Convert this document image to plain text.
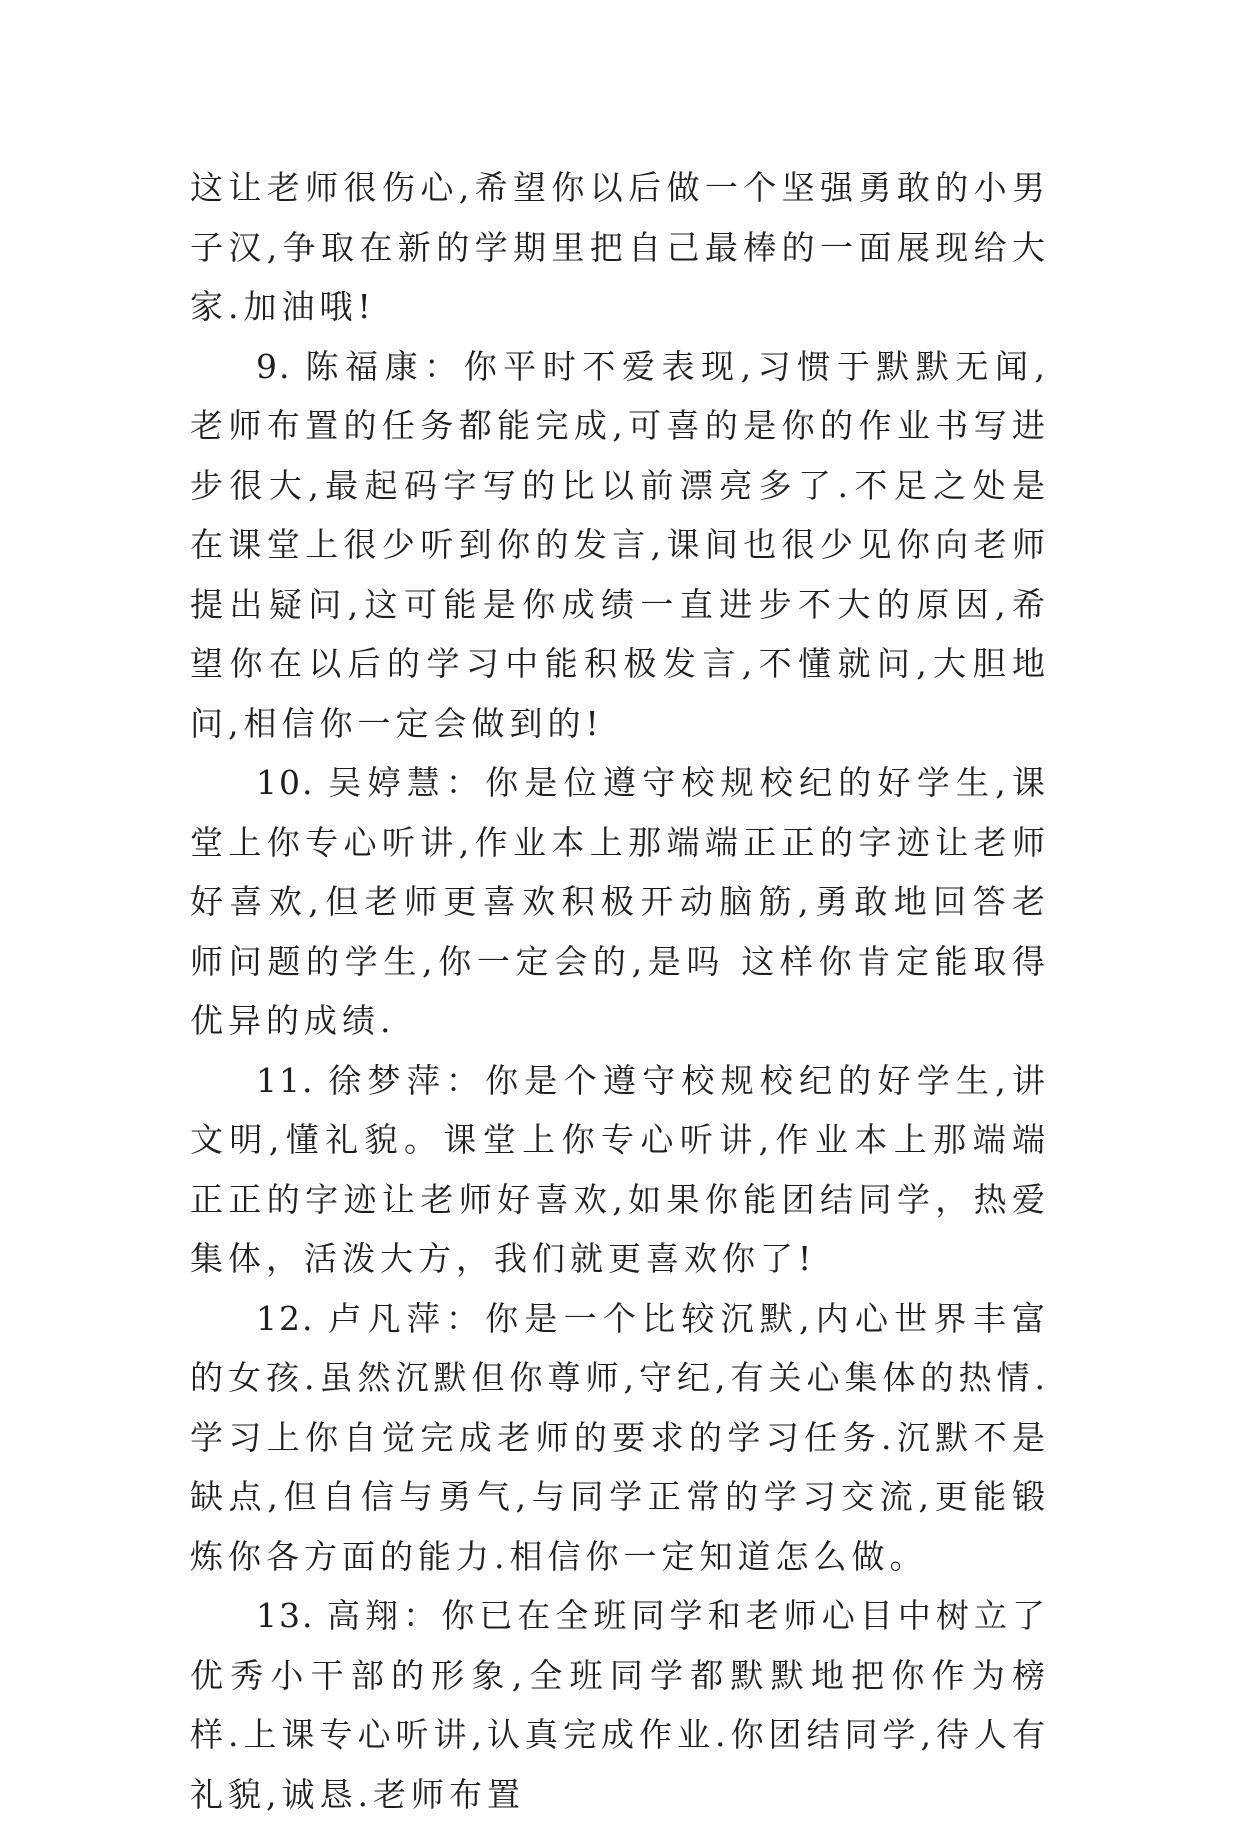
这让老师很伤心,希望你以后做一个坚强勇敢的小男子汉,争取在新的学期里把自己最棒的一面展现给大家.加油哦!

9. 陈福康：你平时不爱表现,习惯于默默无闻,老师布置的任务都能完成,可喜的是你的作业书写进步很大,最起码字写的比以前漂亮多了.不足之处是在课堂上很少听到你的发言,课间也很少见你向老师提出疑问,这可能是你成绩一直进步不大的原因,希望你在以后的学习中能积极发言,不懂就问,大胆地问,相信你一定会做到的!

10. 吴婷慧：你是位遵守校规校纪的好学生,课堂上你专心听讲,作业本上那端端正正的字迹让老师好喜欢,但老师更喜欢积极开动脑筋,勇敢地回答老师问题的学生,你一定会的,是吗 这样你肯定能取得优异的成绩.

11. 徐梦萍：你是个遵守校规校纪的好学生,讲文明,懂礼貌。课堂上你专心听讲,作业本上那端端正正的字迹让老师好喜欢,如果你能团结同学，热爱集体，活泼大方，我们就更喜欢你了!

12. 卢凡萍：你是一个比较沉默,内心世界丰富的女孩.虽然沉默但你尊师,守纪,有关心集体的热情.学习上你自觉完成老师的要求的学习任务.沉默不是缺点,但自信与勇气,与同学正常的学习交流,更能锻炼你各方面的能力.相信你一定知道怎么做。

13. 高翔：你已在全班同学和老师心目中树立了优秀小干部的形象,全班同学都默默地把你作为榜样.上课专心听讲,认真完成作业.你团结同学,待人有礼貌,诚恳.老师布置
